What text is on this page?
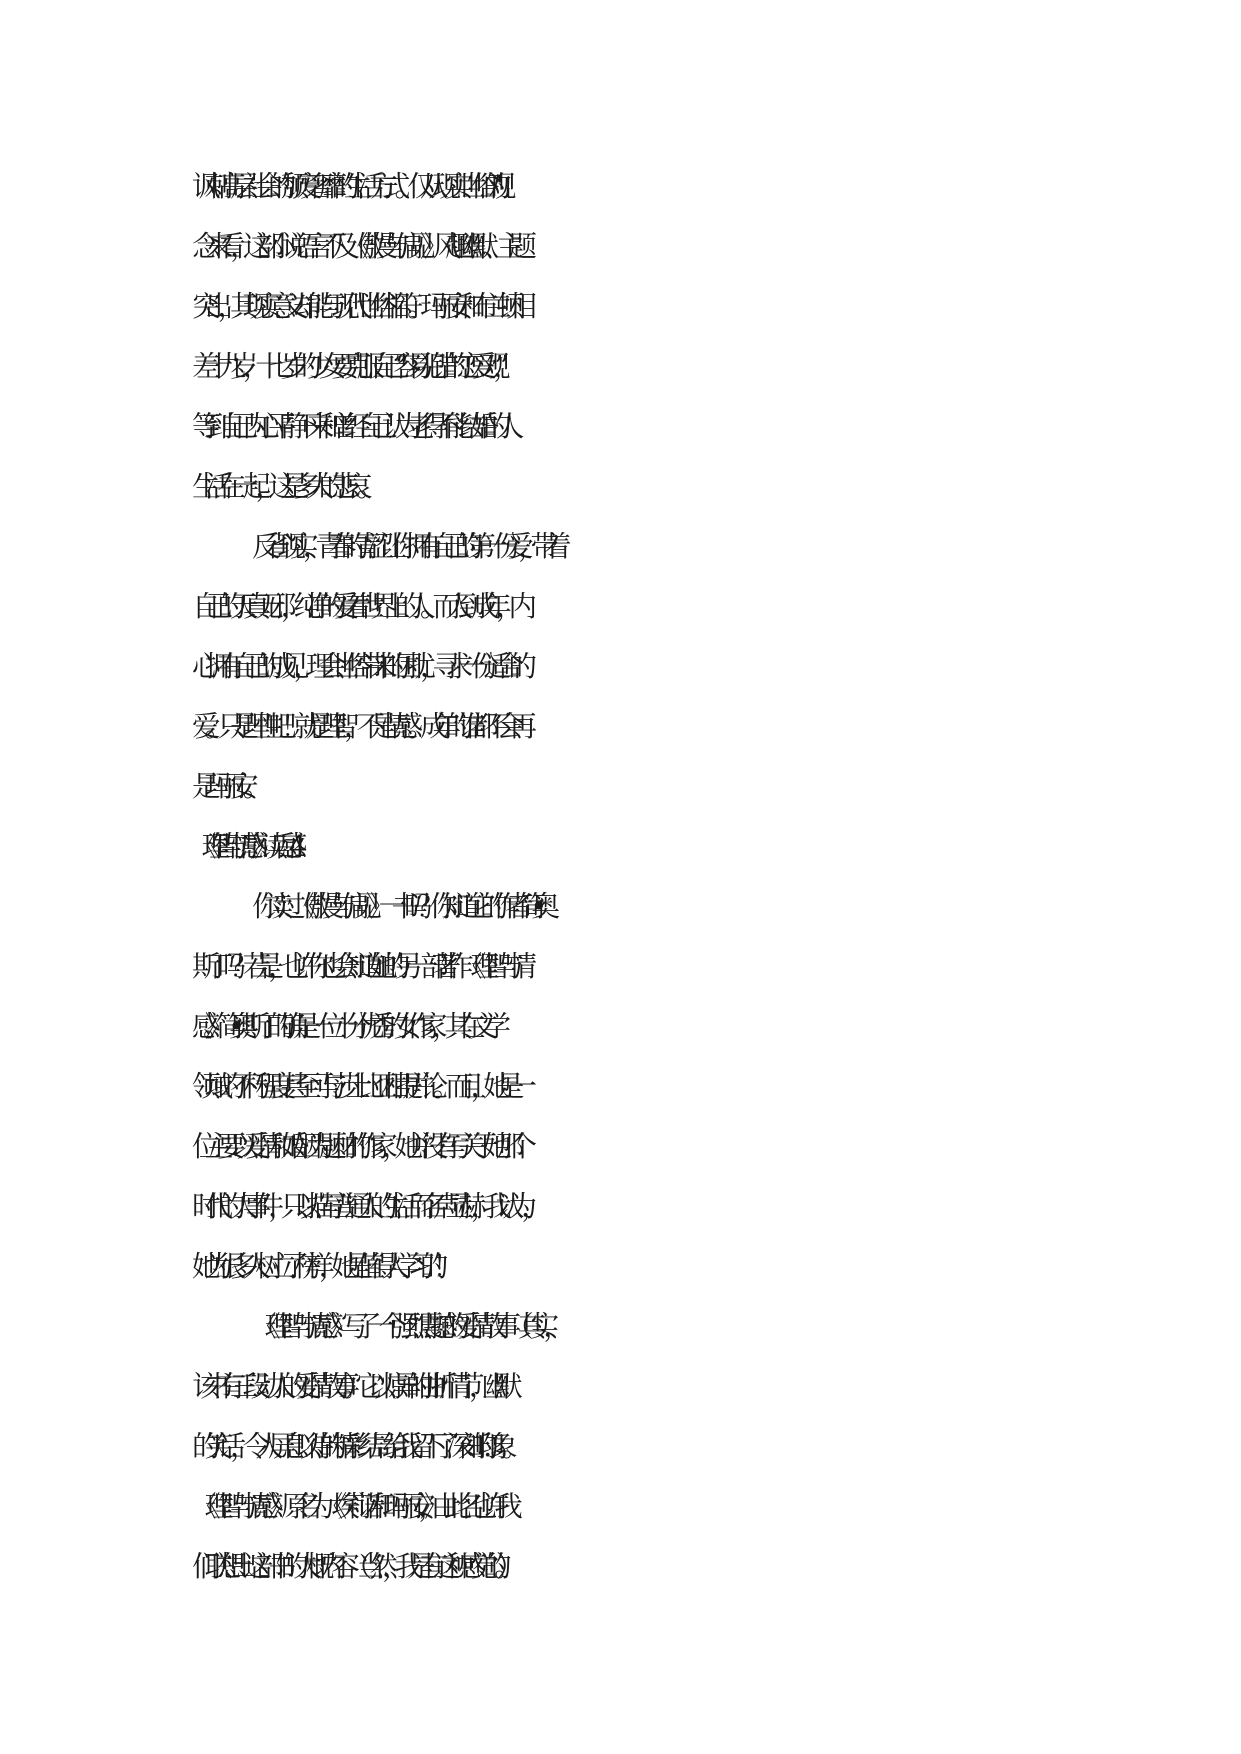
讽刺高层社会的颓废奢靡的生活方式。仅从现实世俗的'观
念来看，这部小说语言不及《傲慢与偏见》风趣幽默、主题
突出，其现实意义却能与现代世俗相符。玛丽安和布兰顿相
差十九岁，十七岁的少女要克服自己“容易犯错的恋爱观”，
等到自己内心平静下来和曾经自己认为老得不能结婚的人
生活在一起，这是多大的悲哀。
反省现实，青春的青涩让你拥有自己的第一份爱，带着
自己的天真无邪，纯净的爱着世界上的人。而人到成年，内
心拥有自己的成见，理会世俗带来的困扰，寻求一份适合的
爱。只是理性吧！就是理智，不是情感。成年的谁都不会再
是玛丽安。
《理智与情感》读后感4
你读过《傲慢与偏见》一书吗？你知道它的作者简•奥
斯丁吗？若是，也许你也会知道她的另一部著作《理智与情
感》。简•奥斯丁的确是一位十分优秀的女作家，其在文学
领域的不朽程度甚至可与莎士比亚相提并论。而且，她是一
位主要以爱情和婚姻为题材的作家，她并没有写关于她那个
时代的大事件，只以描写普通人的生活而名声显赫，我认为，
她为很多人树立了榜样，她是值得人学习的！
《理智与情感》写了一个强烈震撼的爱情故事（其实，
该书有三段动人的爱情故事）。它以惊异的曲折情节，幽默
的笑话，令人屏息以待的精彩结局给我留下了深刻的.印象。
《理智与情感》原名为《埃莉诺和玛丽安》，由此名也许我
们联想出这部书的大概内容（当然，我是有这种感觉的）。
